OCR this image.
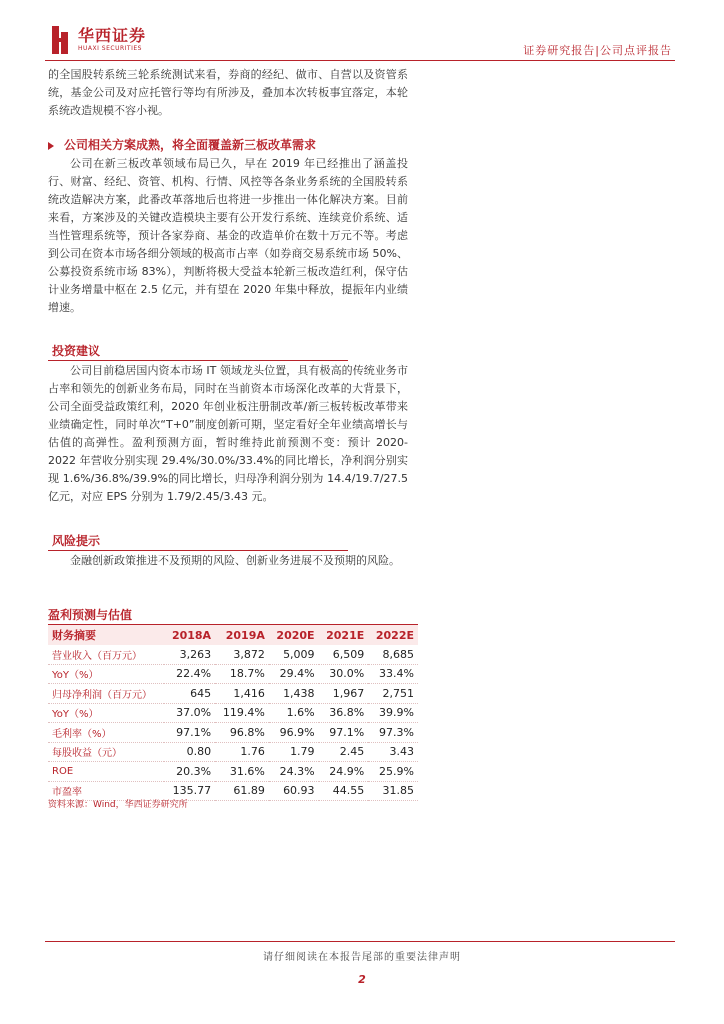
华西证券
HUAXI SECURITIES	证券研究报告|公司点评报告

的全国股转系统三轮系统测试来看，券商的经纪、做市、自营以及资管系统，基金公司及对应托管行等均有所涉及，叠加本次转板事宜落定，本轮系统改造规模不容小视。

公司相关方案成熟，将全面覆盖新三板改革需求

公司在新三板改革领域布局已久，早在 2019 年已经推出了涵盖投行、财富、经纪、资管、机构、行情、风控等各条业务系统的全国股转系统改造解决方案，此番改革落地后也将进一步推出一体化解决方案。目前来看，方案涉及的关键改造模块主要有公开发行系统、连续竞价系统、适当性管理系统等，预计各家券商、基金的改造单价在数十万元不等。考虑到公司在资本市场各细分领域的极高市占率（如券商交易系统市场 50%、公募投资系统市场 83%），判断将极大受益本轮新三板改造红利，保守估计业务增量中枢在 2.5 亿元，并有望在 2020 年集中释放，提振年内业绩增速。

投资建议

公司目前稳居国内资本市场 IT 领域龙头位置，具有极高的传统业务市占率和领先的创新业务布局，同时在当前资本市场深化改革的大背景下，公司全面受益政策红利，2020 年创业板注册制改革/新三板转板改革带来业绩确定性，同时单次“T+0”制度创新可期，坚定看好全年业绩高增长与估值的高弹性。盈利预测方面，暂时维持此前预测不变：预计 2020-2022 年营收分别实现 29.4%/30.0%/33.4%的同比增长，净利润分别实现 1.6%/36.8%/39.9%的同比增长，归母净利润分别为 14.4/19.7/27.5 亿元，对应 EPS 分别为 1.79/2.45/3.43 元。

风险提示

金融创新政策推进不及预期的风险、创新业务进展不及预期的风险。

盈利预测与估值
财务摘要	2018A	2019A	2020E	2021E	2022E
营业收入（百万元）	3,263	3,872	5,009	6,509	8,685
YoY（%）	22.4%	18.7%	29.4%	30.0%	33.4%
归母净利润（百万元）	645	1,416	1,438	1,967	2,751
YoY（%）	37.0%	119.4%	1.6%	36.8%	39.9%
毛利率（%）	97.1%	96.8%	96.9%	97.1%	97.3%
每股收益（元）	0.80	1.76	1.79	2.45	3.43
ROE	20.3%	31.6%	24.3%	24.9%	25.9%
市盈率	135.77	61.89	60.93	44.55	31.85
资料来源：Wind，华西证券研究所
请仔细阅读在本报告尾部的重要法律声明
2
